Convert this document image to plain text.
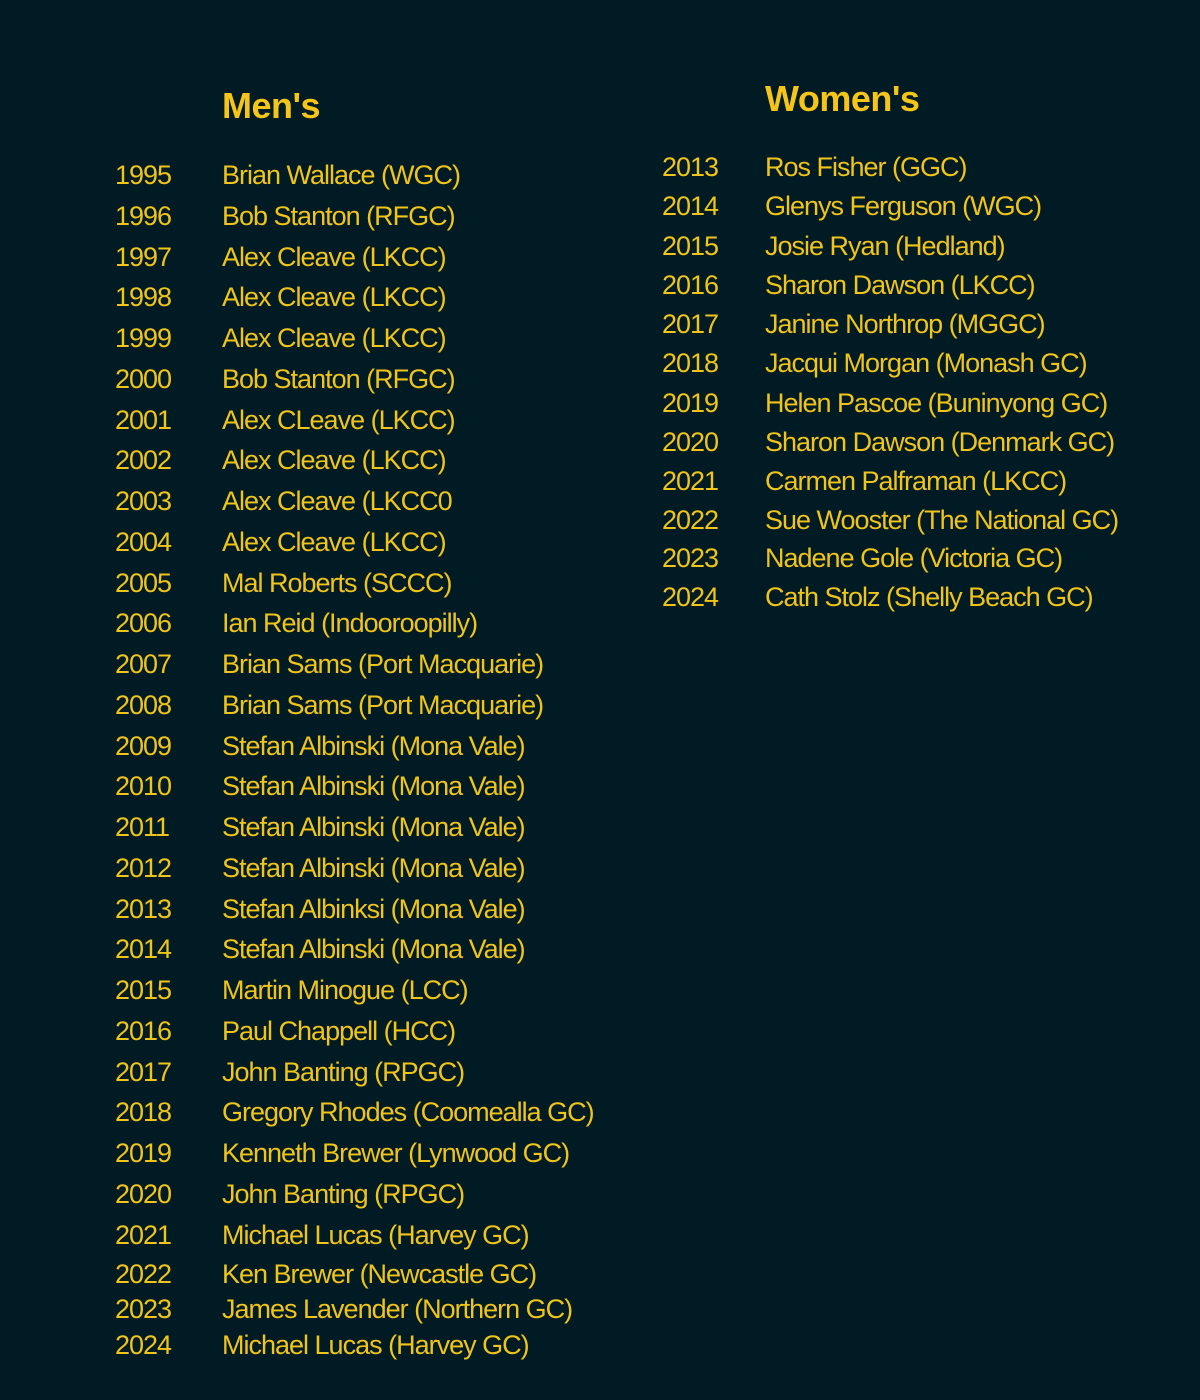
Men's
1995 Brian Wallace (WGC)
1996 Bob Stanton (RFGC)
1997 Alex Cleave (LKCC)
1998 Alex Cleave (LKCC)
1999 Alex Cleave (LKCC)
2000 Bob Stanton (RFGC)
2001 Alex CLeave (LKCC)
2002 Alex Cleave (LKCC)
2003 Alex Cleave (LKCC0
2004 Alex Cleave (LKCC)
2005 Mal Roberts (SCCC)
2006 Ian Reid (Indooroopilly)
2007 Brian Sams (Port Macquarie)
2008 Brian Sams (Port Macquarie)
2009 Stefan Albinski (Mona Vale)
2010 Stefan Albinski (Mona Vale)
2011 Stefan Albinski (Mona Vale)
2012 Stefan Albinski (Mona Vale)
2013 Stefan Albinksi (Mona Vale)
2014 Stefan Albinski (Mona Vale)
2015 Martin Minogue (LCC)
2016 Paul Chappell (HCC)
2017 John Banting (RPGC)
2018 Gregory Rhodes (Coomealla GC)
2019 Kenneth Brewer (Lynwood GC)
2020 John Banting (RPGC)
2021 Michael Lucas (Harvey GC)
2022 Ken Brewer (Newcastle GC)
2023 James Lavender (Northern GC)
2024 Michael Lucas (Harvey GC)
Women's
2013 Ros Fisher (GGC)
2014 Glenys Ferguson (WGC)
2015 Josie Ryan (Hedland)
2016 Sharon Dawson (LKCC)
2017 Janine Northrop (MGGC)
2018 Jacqui Morgan (Monash GC)
2019 Helen Pascoe (Buninyong GC)
2020 Sharon Dawson (Denmark GC)
2021 Carmen Palframan (LKCC)
2022 Sue Wooster (The National GC)
2023 Nadene Gole (Victoria GC)
2024 Cath Stolz (Shelly Beach GC)
